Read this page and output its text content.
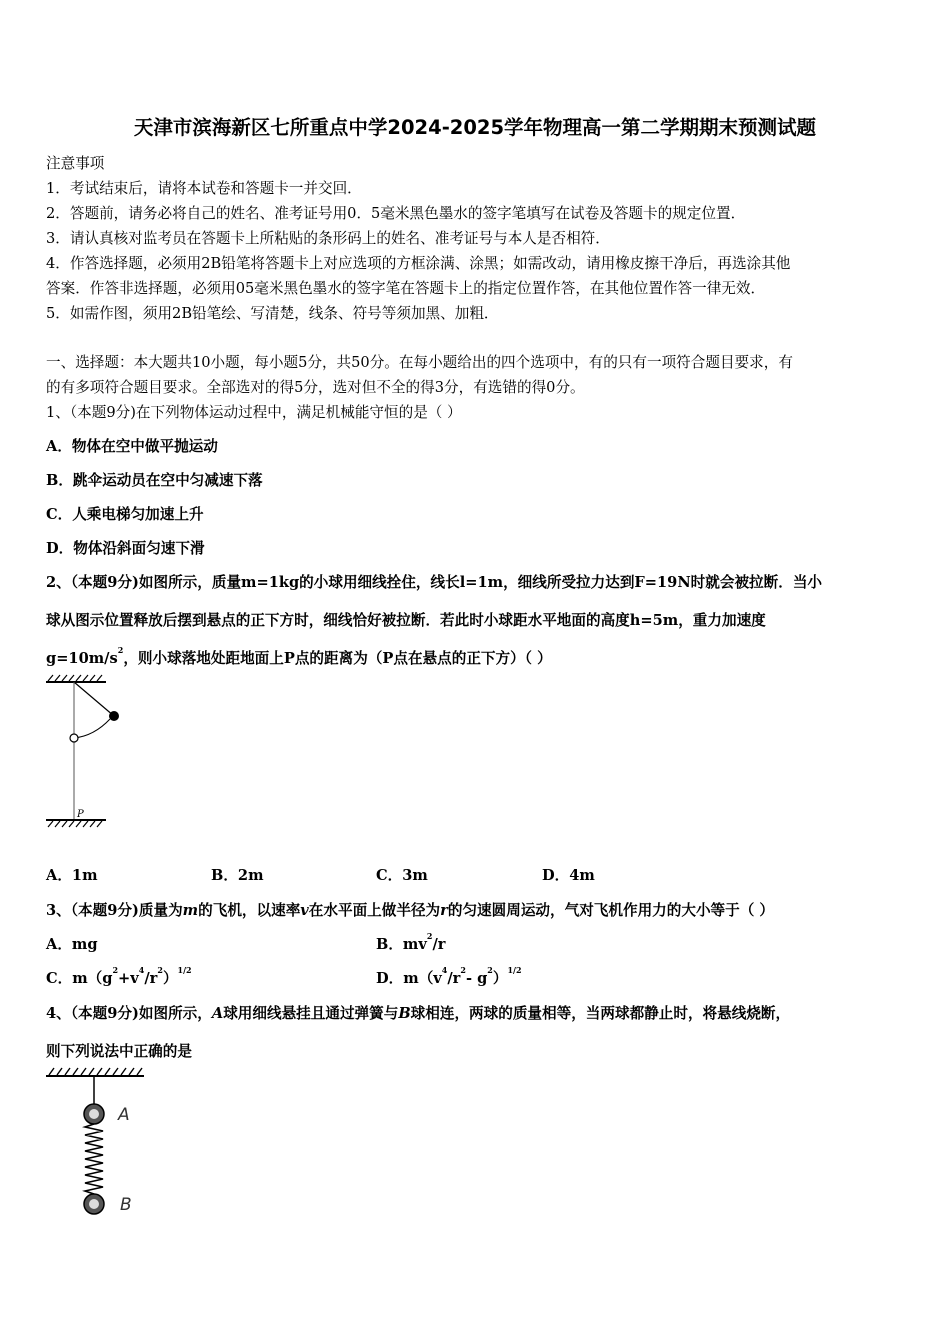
天津市滨海新区七所重点中学2024-2025学年物理高一第二学期期末预测试题
注意事项
1．考试结束后，请将本试卷和答题卡一并交回．
2．答题前，请务必将自己的姓名、准考证号用0．5毫米黑色墨水的签字笔填写在试卷及答题卡的规定位置．
3．请认真核对监考员在答题卡上所粘贴的条形码上的姓名、准考证号与本人是否相符．
4．作答选择题，必须用2B铅笔将答题卡上对应选项的方框涂满、涂黑；如需改动，请用橡皮擦干净后，再选涂其他
答案．作答非选择题，必须用05毫米黑色墨水的签字笔在答题卡上的指定位置作答，在其他位置作答一律无效．
5．如需作图，须用2B铅笔绘、写清楚，线条、符号等须加黑、加粗．
一、选择题：本大题共10小题，每小题5分，共50分。在每小题给出的四个选项中，有的只有一项符合题目要求，有
的有多项符合题目要求。全部选对的得5分，选对但不全的得3分，有选错的得0分。
1、（本题9分)在下列物体运动过程中，满足机械能守恒的是（ ）
A．物体在空中做平抛运动
B．跳伞运动员在空中匀减速下落
C．人乘电梯匀加速上升
D．物体沿斜面匀速下滑
2、（本题9分)如图所示，质量m=1kg的小球用细线拴住，线长l=1m，细线所受拉力达到F=19N时就会被拉断．当小
球从图示位置释放后摆到悬点的正下方时，细线恰好被拉断．若此时小球距水平地面的高度h=5m，重力加速度
$g=10m/s^2$，则小球落地处距地面上P点的距离为（P点在悬点的正下方）（ ）
P
A．1m	B．2m	C．3m	D．4m
3、（本题9分)质量为m的飞机，以速率v在水平面上做半径为r的匀速圆周运动，气对飞机作用力的大小等于（ ）
A．mg	B．$mv^2/r$
C．$m(g^2+v^4/r^2)^{1/2}$	D．$m(v^4/r^2-$ $g^2)^{1/2}$
4、（本题9分)如图所示，A球用细线悬挂且通过弹簧与B球相连，两球的质量相等，当两球都静止时，将悬线烧断，
则下列说法中正确的是
A
B
